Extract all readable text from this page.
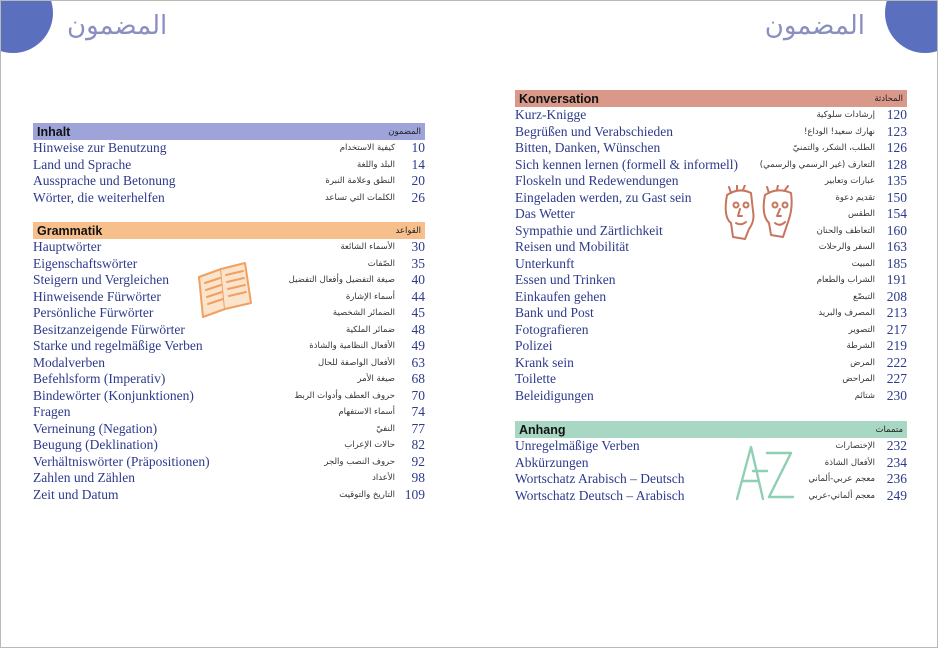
المضمون	المضمون
Inhalt	المضمون
Hinweise zur Benutzung	كيفية الاستخدام	10
Land und Sprache	البلد واللغة	14
Aussprache und Betonung	النطق وعلامة النبرة	20
Wörter, die weiterhelfen	الكلمات التي تساعد	26
Grammatik	القواعد
Hauptwörter	الأسماء الشائعة	30
Eigenschaftswörter	الصّفات	35
Steigern und Vergleichen	صيغة التفضيل وأفعال التفضيل	40
Hinweisende Fürwörter	أسماء الإشارة	44
Persönliche Fürwörter	الضمائر الشخصية	45
Besitzanzeigende Fürwörter	ضمائر الملكية	48
Starke und regelmäßige Verben	الأفعال النظامية والشاذة	49
Modalverben	الأفعال الواصفة للحال	63
Befehlsform (Imperativ)	صيغة الأمر	68
Bindewörter (Konjunktionen)	حروف العطف وأدوات الربط	70
Fragen	أسماء الاستفهام	74
Verneinung (Negation)	النفيّ	77
Beugung (Deklination)	حالات الإعراب	82
Verhältniswörter (Präpositionen)	حروف النصب والجر	92
Zahlen und Zählen	الأعداد	98
Zeit und Datum	التاريخ والتوقيت 109
Konversation	المحادثة
Kurz-Knigge	إرشادات سلوكية 120
Begrüßen und Verabschieden	نهارك سعيد! الوداع! 123
Bitten, Danken, Wünschen	الطلب، الشكر، والتمنيّ 126
Sich kennen lernen (formell & informell)	التعارف (غير الرسمي والرسمي) 128
Floskeln und Redewendungen	عبارات وتعابير 135
Eingeladen werden, zu Gast sein	تقديم دعوة 150
Das Wetter	الطقس 154
Sympathie und Zärtlichkeit	التعاطف والحنان 160
Reisen und Mobilität	السفر والرحلات 163
Unterkunft	المبيت 185
Essen und Trinken	الشراب والطعام 191
Einkaufen gehen	التبضّع 208
Bank und Post	المصرف والبريد 213
Fotografieren	التصوير 217
Polizei	الشرطة 219
Krank sein	المرض 222
Toilette	المراحض 227
Beleidigungen	شتائم 230
Anhang	متممات
Unregelmäßige Verben	الإختصارات 232
Abkürzungen	الأفعال الشاذة 234
Wortschatz Arabisch – Deutsch	معجم عربي-ألماني 236
Wortschatz Deutsch – Arabisch	معجم ألماني-عربي 249
